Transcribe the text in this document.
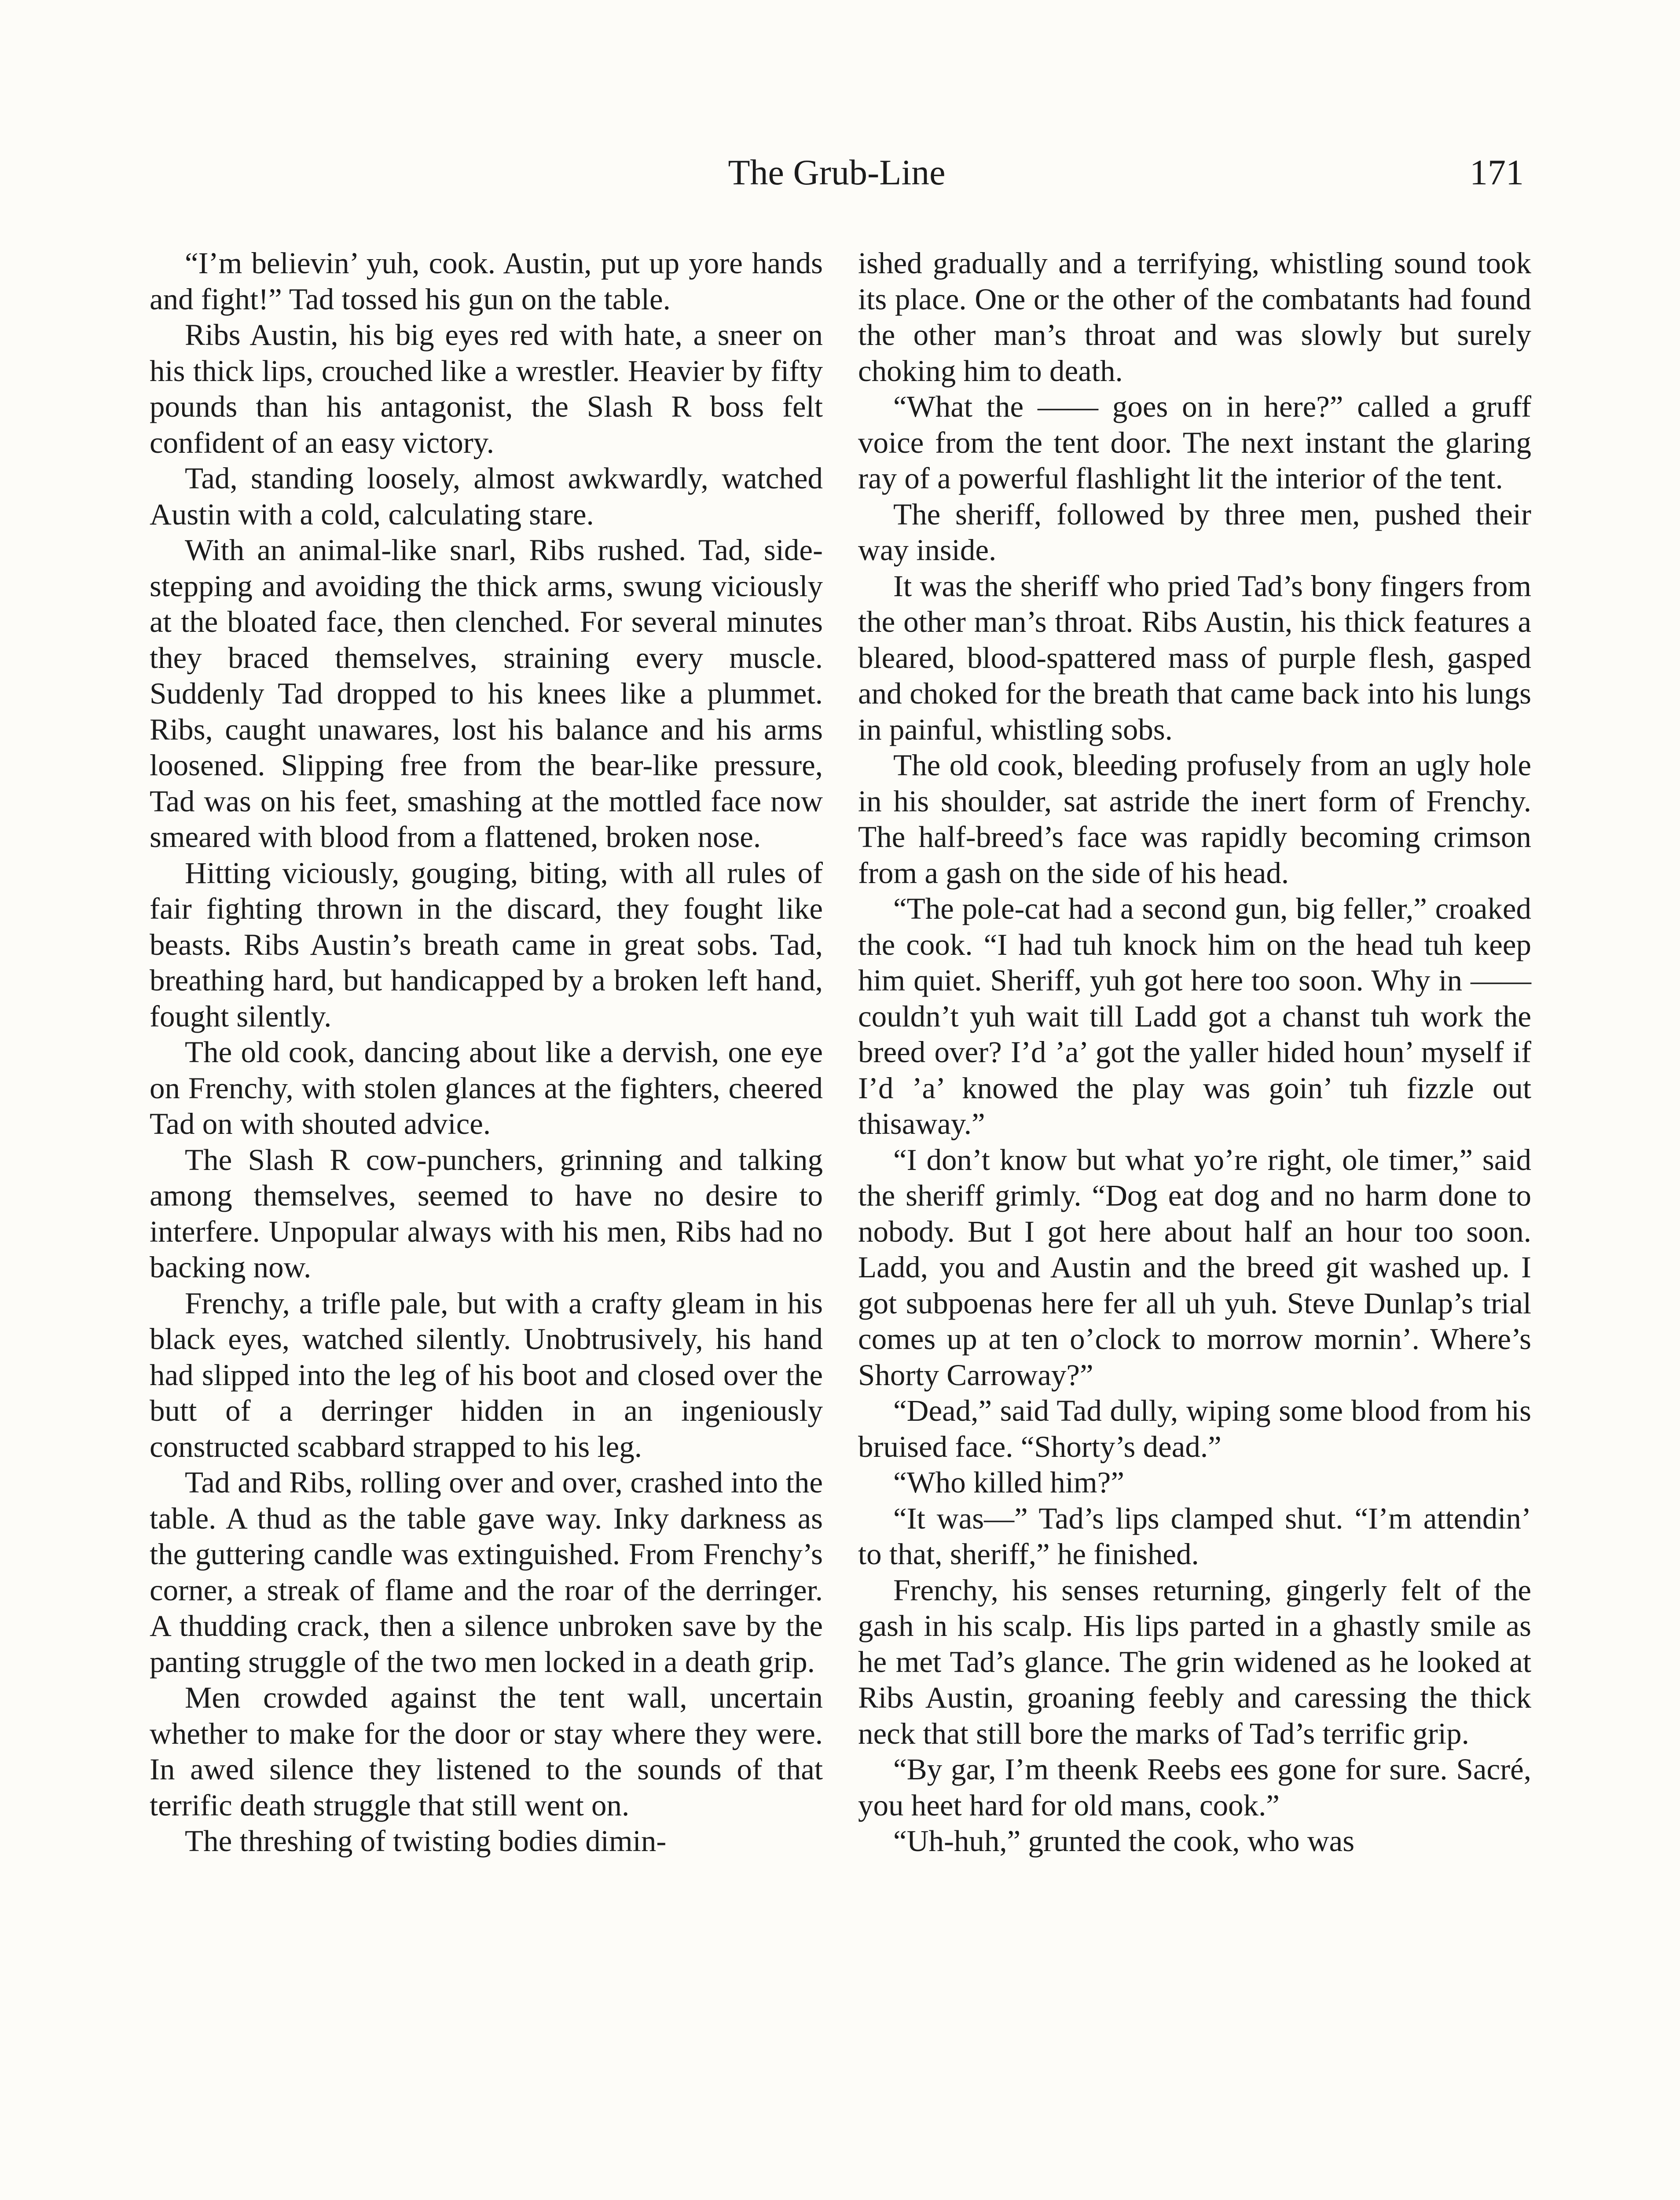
The Grub-Line	171

“I’m believin’ yuh, cook. Austin, put up yore hands and fight!” Tad tossed his gun on the table.

Ribs Austin, his big eyes red with hate, a sneer on his thick lips, crouched like a wrestler. Heavier by fifty pounds than his antagonist, the Slash R boss felt confident of an easy victory.

Tad, standing loosely, almost awkwardly, watched Austin with a cold, calculating stare.

With an animal-like snarl, Ribs rushed. Tad, side-stepping and avoiding the thick arms, swung viciously at the bloated face, then clenched. For several minutes they braced themselves, straining every muscle. Suddenly Tad dropped to his knees like a plummet. Ribs, caught unawares, lost his balance and his arms loosened. Slipping free from the bear-like pressure, Tad was on his feet, smashing at the mottled face now smeared with blood from a flattened, broken nose.

Hitting viciously, gouging, biting, with all rules of fair fighting thrown in the discard, they fought like beasts. Ribs Austin’s breath came in great sobs. Tad, breathing hard, but handicapped by a broken left hand, fought silently.

The old cook, dancing about like a dervish, one eye on Frenchy, with stolen glances at the fighters, cheered Tad on with shouted advice.

The Slash R cow-punchers, grinning and talking among themselves, seemed to have no desire to interfere. Unpopular always with his men, Ribs had no backing now.

Frenchy, a trifle pale, but with a crafty gleam in his black eyes, watched silently. Unobtrusively, his hand had slipped into the leg of his boot and closed over the butt of a derringer hidden in an ingeniously constructed scabbard strapped to his leg.

Tad and Ribs, rolling over and over, crashed into the table. A thud as the table gave way. Inky darkness as the guttering candle was extinguished. From Frenchy’s corner, a streak of flame and the roar of the derringer. A thudding crack, then a silence unbroken save by the panting struggle of the two men locked in a death grip.

Men crowded against the tent wall, uncertain whether to make for the door or stay where they were. In awed silence they listened to the sounds of that terrific death struggle that still went on.

The threshing of twisting bodies dimin-

ished gradually and a terrifying, whistling sound took its place. One or the other of the combatants had found the other man’s throat and was slowly but surely choking him to death.

“What the —— goes on in here?” called a gruff voice from the tent door. The next instant the glaring ray of a powerful flashlight lit the interior of the tent.

The sheriff, followed by three men, pushed their way inside.

It was the sheriff who pried Tad’s bony fingers from the other man’s throat. Ribs Austin, his thick features a bleared, blood-spattered mass of purple flesh, gasped and choked for the breath that came back into his lungs in painful, whistling sobs.

The old cook, bleeding profusely from an ugly hole in his shoulder, sat astride the inert form of Frenchy. The half-breed’s face was rapidly becoming crimson from a gash on the side of his head.

“The pole-cat had a second gun, big feller,” croaked the cook. “I had tuh knock him on the head tuh keep him quiet. Sheriff, yuh got here too soon. Why in —— couldn’t yuh wait till Ladd got a chanst tuh work the breed over? I’d ’a’ got the yaller hided houn’ myself if I’d ’a’ knowed the play was goin’ tuh fizzle out thisaway.”

“I don’t know but what yo’re right, ole timer,” said the sheriff grimly. “Dog eat dog and no harm done to nobody. But I got here about half an hour too soon. Ladd, you and Austin and the breed git washed up. I got subpoenas here fer all uh yuh. Steve Dunlap’s trial comes up at ten o’clock to morrow mornin’. Where’s Shorty Carroway?”

“Dead,” said Tad dully, wiping some blood from his bruised face. “Shorty’s dead.”

“Who killed him?”

“It was—” Tad’s lips clamped shut. “I’m attendin’ to that, sheriff,” he finished.

Frenchy, his senses returning, gingerly felt of the gash in his scalp. His lips parted in a ghastly smile as he met Tad’s glance. The grin widened as he looked at Ribs Austin, groaning feebly and caressing the thick neck that still bore the marks of Tad’s terrific grip.

“By gar, I’m theenk Reebs ees gone for sure. Sacré, you heet hard for old mans, cook.”

“Uh-huh,” grunted the cook, who was
